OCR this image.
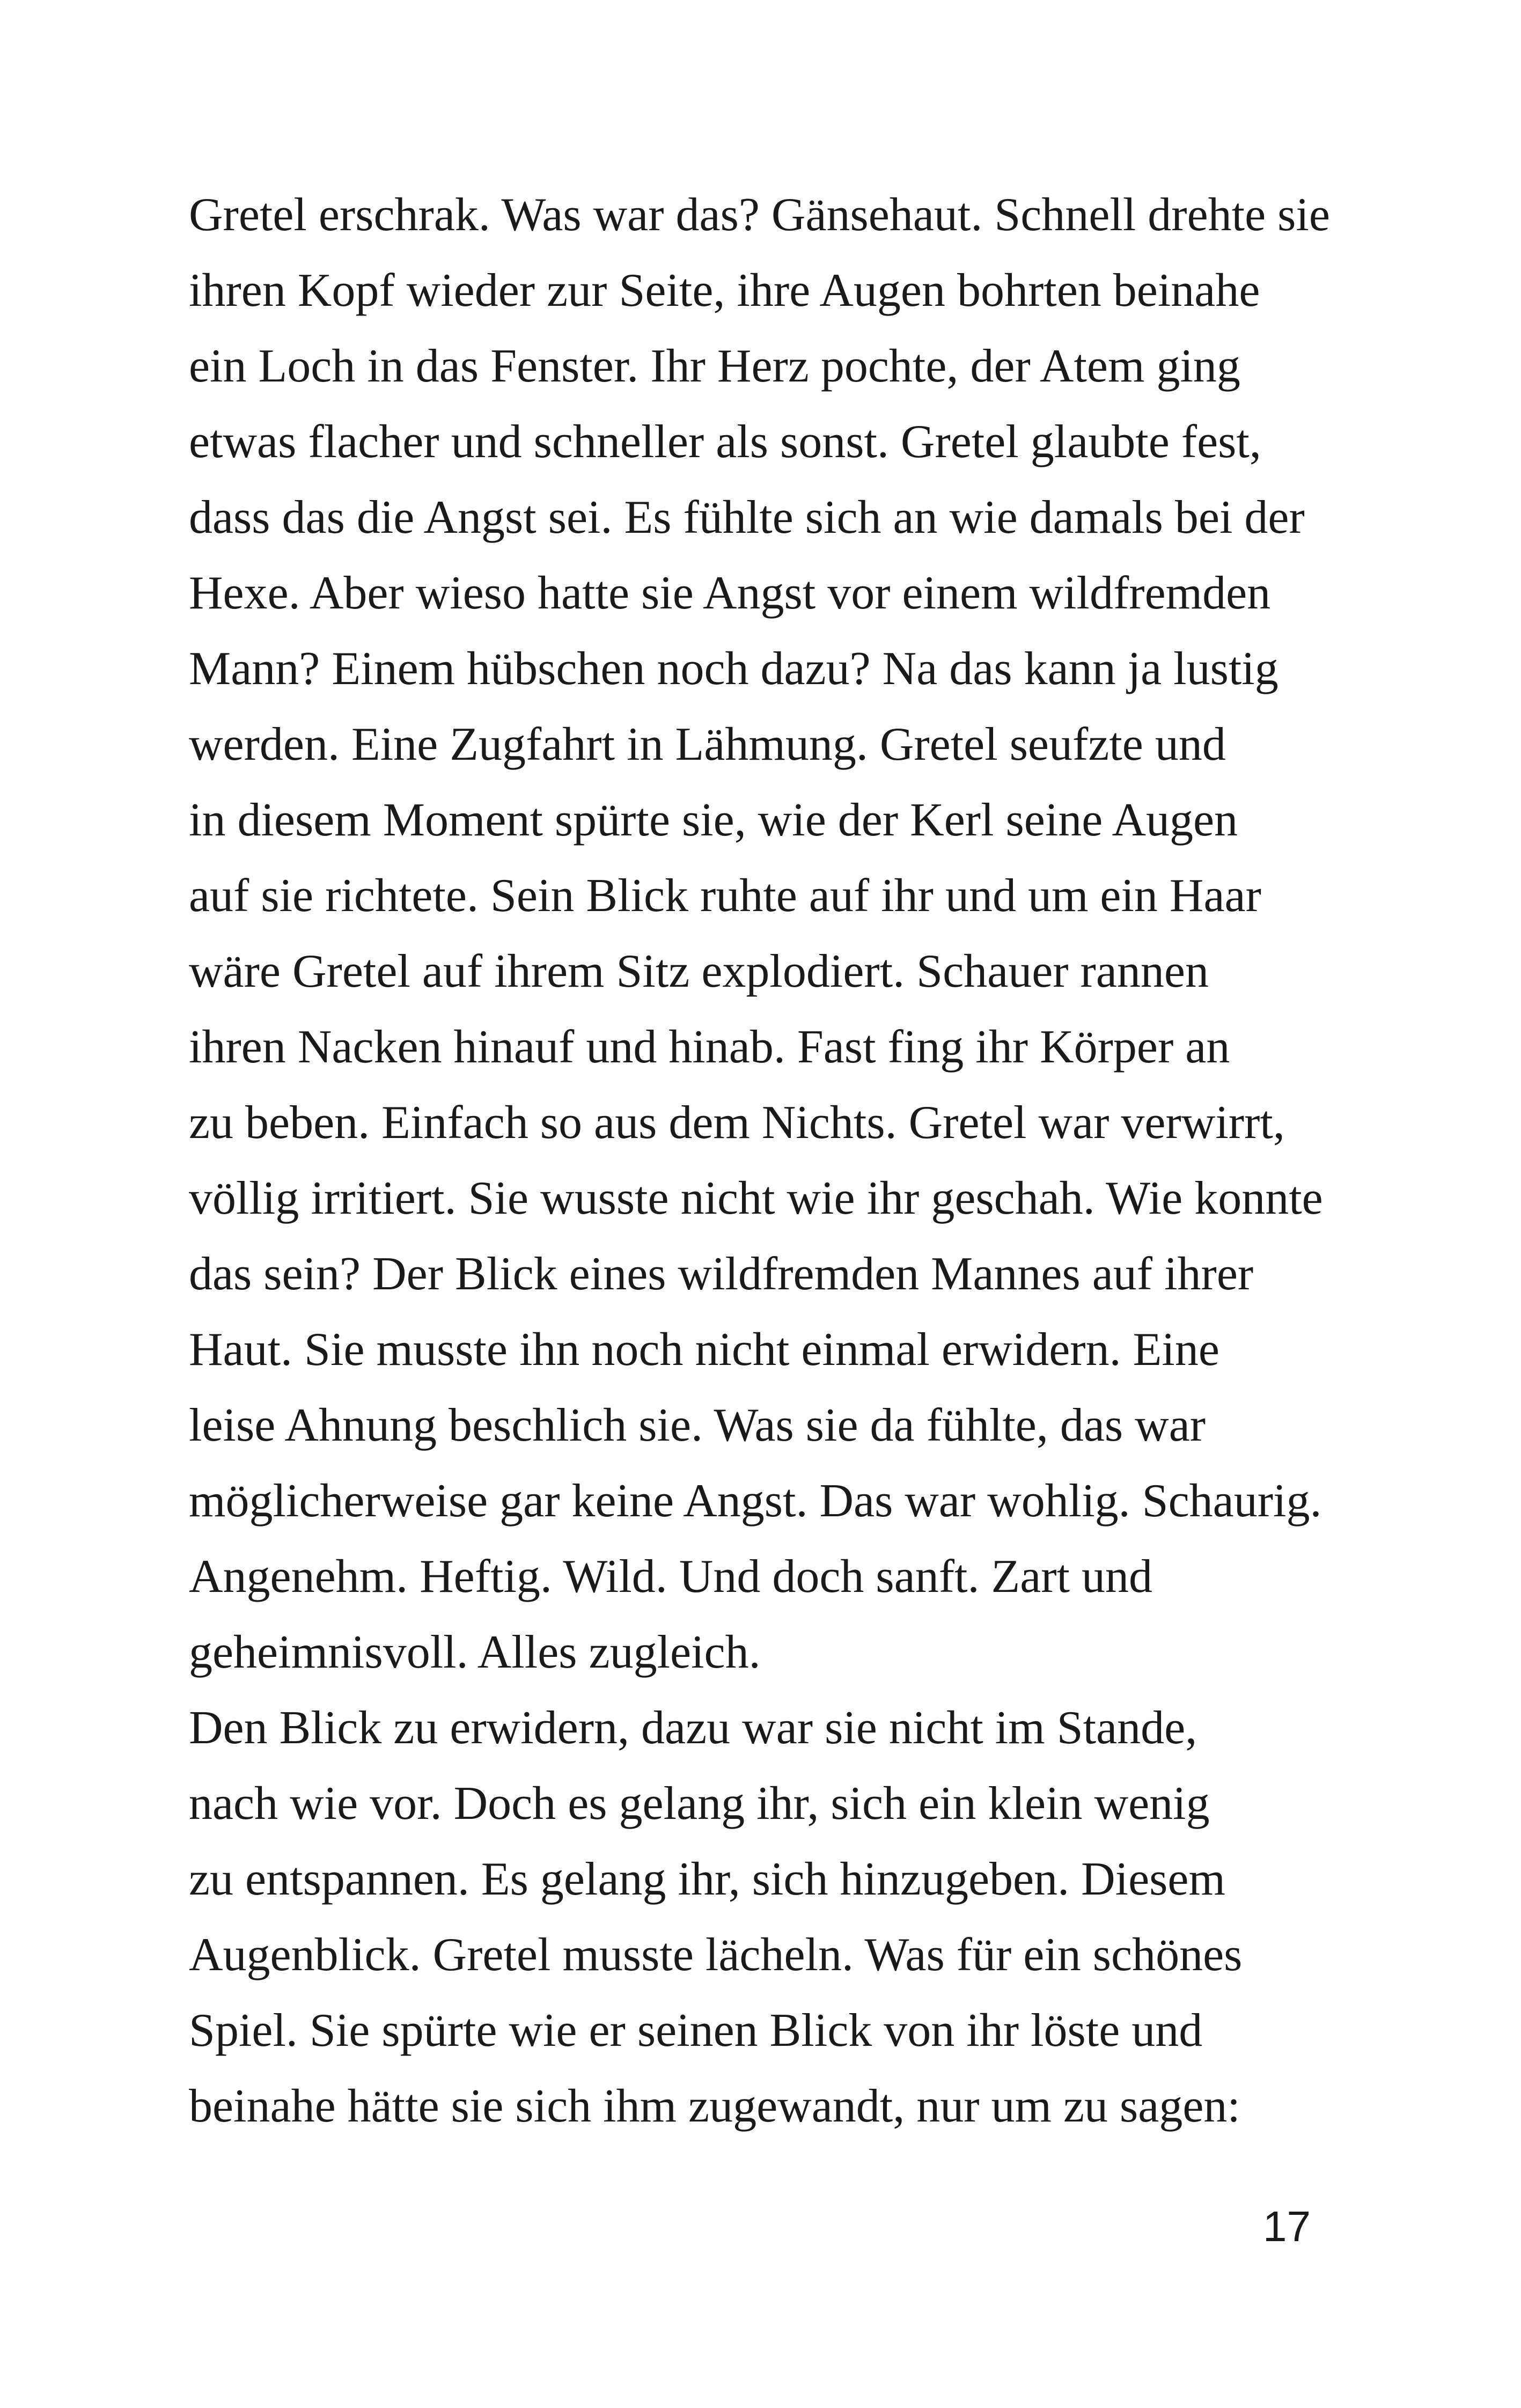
Gretel erschrak. Was war das? Gänsehaut. Schnell drehte sie
ihren Kopf wieder zur Seite, ihre Augen bohrten beinahe
ein Loch in das Fenster. Ihr Herz pochte, der Atem ging
etwas flacher und schneller als sonst. Gretel glaubte fest,
dass das die Angst sei. Es fühlte sich an wie damals bei der
Hexe. Aber wieso hatte sie Angst vor einem wildfremden
Mann? Einem hübschen noch dazu? Na das kann ja lustig
werden. Eine Zugfahrt in Lähmung. Gretel seufzte und
in diesem Moment spürte sie, wie der Kerl seine Augen
auf sie richtete. Sein Blick ruhte auf ihr und um ein Haar
wäre Gretel auf ihrem Sitz explodiert. Schauer rannen
ihren Nacken hinauf und hinab. Fast fing ihr Körper an
zu beben. Einfach so aus dem Nichts. Gretel war verwirrt,
völlig irritiert. Sie wusste nicht wie ihr geschah. Wie konnte
das sein? Der Blick eines wildfremden Mannes auf ihrer
Haut. Sie musste ihn noch nicht einmal erwidern. Eine
leise Ahnung beschlich sie. Was sie da fühlte, das war
möglicherweise gar keine Angst. Das war wohlig. Schaurig.
Angenehm. Heftig. Wild. Und doch sanft. Zart und
geheimnisvoll. Alles zugleich.
Den Blick zu erwidern, dazu war sie nicht im Stande,
nach wie vor. Doch es gelang ihr, sich ein klein wenig
zu entspannen. Es gelang ihr, sich hinzugeben. Diesem
Augenblick. Gretel musste lächeln. Was für ein schönes
Spiel. Sie spürte wie er seinen Blick von ihr löste und
beinahe hätte sie sich ihm zugewandt, nur um zu sagen:
17
